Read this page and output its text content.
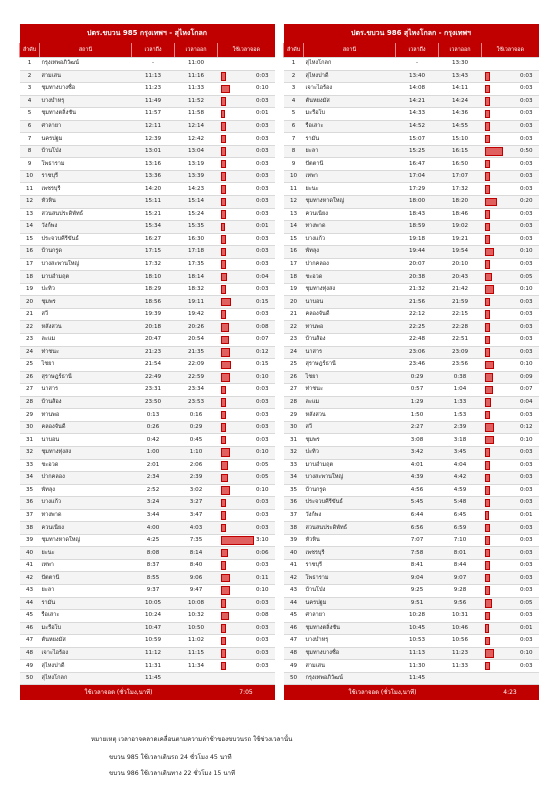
ปตร.ขบวน 985 กรุงเทพฯ - สุไหงโกลก				
ลำดับ	สถานี	เวลาถึง	เวลาออก	ใช้เวลาจอด
1	กรุงเทพอภิวัฒน์	-	11:00	
2	สามเสน	11:13	11:16	0:03
3	ชุมทางบางซื่อ	11:23	11:33	0:10
4	บางบำหรุ	11:49	11:52	0:03
5	ชุมทางตลิ่งชัน	11:57	11:58	0:01
6	ศาลายา	12:11	12:14	0:03
7	นครปฐม	12:39	12:42	0:03
8	บ้านโป่ง	13:01	13:04	0:03
9	โพธาราม	13:16	13:19	0:03
10	ราชบุรี	13:36	13:39	0:03
11	เพชรบุรี	14:20	14:23	0:03
12	หัวหิน	15:11	15:14	0:03
13	สวนสนประดิพัทธ์	15:21	15:24	0:03
14	วังก์พง	15:34	15:35	0:01
15	ประจวบคีรีขันธ์	16:27	16:30	0:03
16	บ้านกรูด	17:15	17:18	0:03
17	บางสะพานใหญ่	17:32	17:35	0:03
18	มาบอำมฤต	18:10	18:14	0:04
19	ปะทิว	18:29	18:32	0:03
20	ชุมพร	18:56	19:11	0:15
21	สวี	19:39	19:42	0:03
22	หลังสวน	20:18	20:26	0:08
23	ละแม	20:47	20:54	0:07
24	ท่าชนะ	21:23	21:35	0:12
25	ไชยา	21:54	22:09	0:15
26	สุราษฎร์ธานี	22:49	22:59	0:10
27	นาสาร	23:31	23:34	0:03
28	บ้านส้อง	23:50	23:53	0:03
29	ทานพอ	0:13	0:16	0:03
30	คลองจันดี	0:26	0:29	0:03
31	นาบอน	0:42	0:45	0:03
32	ชุมทางทุ่งสง	1:00	1:10	0:10
33	ชะอวด	2:01	2:06	0:05
34	ปากคลอง	2:34	2:39	0:05
35	พัทลุง	2:52	3:02	0:10
36	บางแก้ว	3:24	3:27	0:03
37	ทางพาด	3:44	3:47	0:03
38	ควนเนียง	4:00	4:03	0:03
39	ชุมทางหาดใหญ่	4:25	7:35	3:10
40	ยะนะ	8:08	8:14	0:06
41	เทพา	8:37	8:40	0:03
42	ปัตตานี	8:55	9:06	0:11
43	ยะลา	9:37	9:47	0:10
44	รามัน	10:05	10:08	0:03
45	รือเสาะ	10:24	10:32	0:08
46	มะรือโบ	10:47	10:50	0:03
47	ตันหยงมัส	10:59	11:02	0:03
48	เจาะไอร้อง	11:12	11:15	0:03
49	สุไหงปาดี	11:31	11:34	0:03
50	สุไหงโกลก	11:45		
ใช้เวลาจอด (ชั่วโมง,นาที)				7:05
ปตร.ขบวน 986 สุไหงโกลก - กรุงเทพฯ				
ลำดับ	สถานี	เวลาถึง	เวลาออก	ใช้เวลาจอด
1	สุไหงโกลก	-	13:30	
2	สุไหงปาดี	13:40	13:43	0:03
3	เจาะไอร้อง	14:08	14:11	0:03
4	ตันหยงมัส	14:21	14:24	0:03
5	มะรือโบ	14:33	14:36	0:03
6	รือเสาะ	14:52	14:55	0:03
7	รามัน	15:07	15:10	0:03
8	ยะลา	15:25	16:15	0:50
9	ปัตตานี	16:47	16:50	0:03
10	เทพา	17:04	17:07	0:03
11	ยะนะ	17:29	17:32	0:03
12	ชุมทางหาดใหญ่	18:00	18:20	0:20
13	ควนเนียง	18:43	18:46	0:03
14	ทางพาด	18:59	19:02	0:03
15	บางแก้ว	19:18	19:21	0:03
16	พัทลุง	19:44	19:54	0:10
17	ปากคลอง	20:07	20:10	0:03
18	ชะอวด	20:38	20:43	0:05
19	ชุมทางทุ่งสง	21:32	21:42	0:10
20	นาบอน	21:56	21:59	0:03
21	คลองจันดี	22:12	22:15	0:03
22	ทานพอ	22:25	22:28	0:03
23	บ้านส้อง	22:48	22:51	0:03
24	นาสาร	23:06	23:09	0:03
25	สุราษฎร์ธานี	23:46	23:56	0:10
26	ไชยา	0:29	0:38	0:09
27	ท่าชนะ	0:57	1:04	0:07
28	ละแม	1:29	1:33	0:04
29	หลังสวน	1:50	1:53	0:03
30	สวี	2:27	2:39	0:12
31	ชุมพร	3:08	3:18	0:10
32	ปะทิว	3:42	3:45	0:03
33	มาบอำมฤต	4:01	4:04	0:03
34	บางสะพานใหญ่	4:39	4:42	0:03
35	บ้านกรูด	4:56	4:59	0:03
36	ประจวบคีรีขันธ์	5:45	5:48	0:03
37	วังก์พง	6:44	6:45	0:01
38	สวนสนประดิพัทธ์	6:56	6:59	0:03
39	หัวหิน	7:07	7:10	0:03
40	เพชรบุรี	7:58	8:01	0:03
41	ราชบุรี	8:41	8:44	0:03
42	โพธาราม	9:04	9:07	0:03
43	บ้านโป่ง	9:25	9:28	0:03
44	นครปฐม	9:51	9:56	0:05
45	ศาลายา	10:28	10:31	0:03
46	ชุมทางตลิ่งชัน	10:45	10:46	0:01
47	บางบำหรุ	10:53	10:56	0:03
48	ชุมทางบางซื่อ	11:13	11:23	0:10
49	สามเสน	11:30	11:33	0:03
50	กรุงเทพอภิวัฒน์	11:45		
ใช้เวลาจอด (ชั่วโมง,นาที)				4:23
หมายเหตุ เวลาอาจคลาดเคลื่อนตามความล่าช้าของขบวนรถ ใช้ช่วงเวลานั้น
ขบวน 985 ใช้เวลาเดินรถ 24 ชั่วโมง 45 นาที
ขบวน 986 ใช้เวลาเดินทาง 22 ชั่วโมง 15 นาที
